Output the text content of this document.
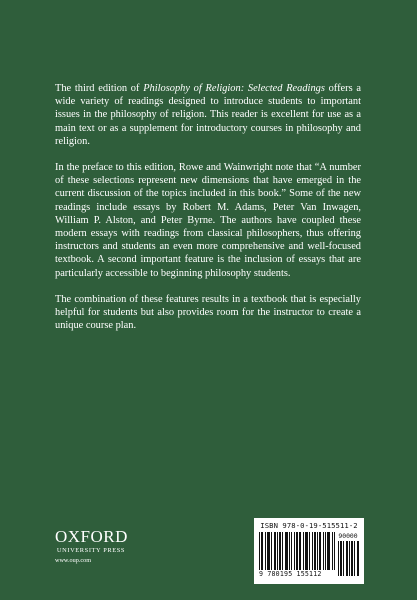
The third edition of Philosophy of Religion: Selected Readings offers a wide variety of readings designed to introduce students to important issues in the philosophy of religion. This reader is excellent for use as a main text or as a supplement for introductory courses in philosophy and religion.

In the preface to this edition, Rowe and Wainwright note that “A number of these selections represent new dimensions that have emerged in the current discussion of the topics included in this book.” Some of the new readings include essays by Robert M. Adams, Peter Van Inwagen, William P. Alston, and Peter Byrne. The authors have coupled these modern essays with readings from classical philosophers, thus offering instructors and students an even more comprehensive and well-focused textbook. A second important feature is the inclusion of essays that are particularly accessible to beginning philosophy students.

The combination of these features results in a textbook that is especially helpful for students but also provides room for the instructor to create a unique course plan.

OXFORD
UNIVERSITY PRESS
www.oup.com
ISBN 978-0-19-515511-2
9 780195 155112
90000
